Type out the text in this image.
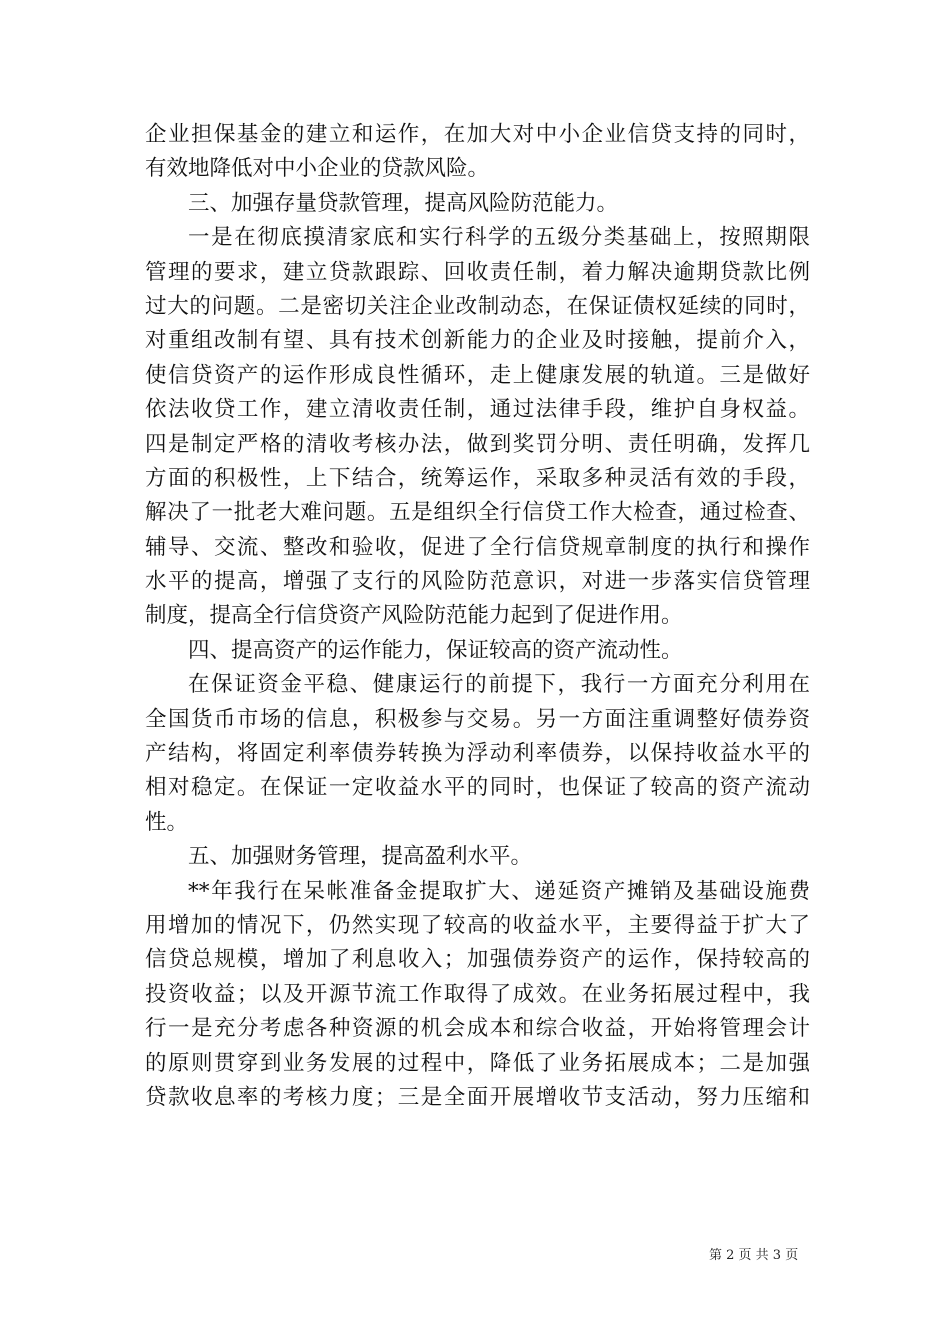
企业担保基金的建立和运作，在加大对中小企业信贷支持的同时，
有效地降低对中小企业的贷款风险。
三、加强存量贷款管理，提高风险防范能力。
一是在彻底摸清家底和实行科学的五级分类基础上，按照期限
管理的要求，建立贷款跟踪、回收责任制，着力解决逾期贷款比例
过大的问题。二是密切关注企业改制动态，在保证债权延续的同时，
对重组改制有望、具有技术创新能力的企业及时接触，提前介入，
使信贷资产的运作形成良性循环，走上健康发展的轨道。三是做好
依法收贷工作，建立清收责任制，通过法律手段，维护自身权益。
四是制定严格的清收考核办法，做到奖罚分明、责任明确，发挥几
方面的积极性，上下结合，统筹运作，采取多种灵活有效的手段，
解决了一批老大难问题。五是组织全行信贷工作大检查，通过检查、
辅导、交流、整改和验收，促进了全行信贷规章制度的执行和操作
水平的提高，增强了支行的风险防范意识，对进一步落实信贷管理
制度，提高全行信贷资产风险防范能力起到了促进作用。
四、提高资产的运作能力，保证较高的资产流动性。
在保证资金平稳、健康运行的前提下，我行一方面充分利用在
全国货币市场的信息，积极参与交易。另一方面注重调整好债券资
产结构，将固定利率债券转换为浮动利率债券，以保持收益水平的
相对稳定。在保证一定收益水平的同时，也保证了较高的资产流动
性。
五、加强财务管理，提高盈利水平。
**年我行在呆帐准备金提取扩大、递延资产摊销及基础设施费
用增加的情况下，仍然实现了较高的收益水平，主要得益于扩大了
信贷总规模，增加了利息收入；加强债券资产的运作，保持较高的
投资收益；以及开源节流工作取得了成效。在业务拓展过程中，我
行一是充分考虑各种资源的机会成本和综合收益，开始将管理会计
的原则贯穿到业务发展的过程中，降低了业务拓展成本；二是加强
贷款收息率的考核力度；三是全面开展增收节支活动，努力压缩和
第 2 页 共 3 页
